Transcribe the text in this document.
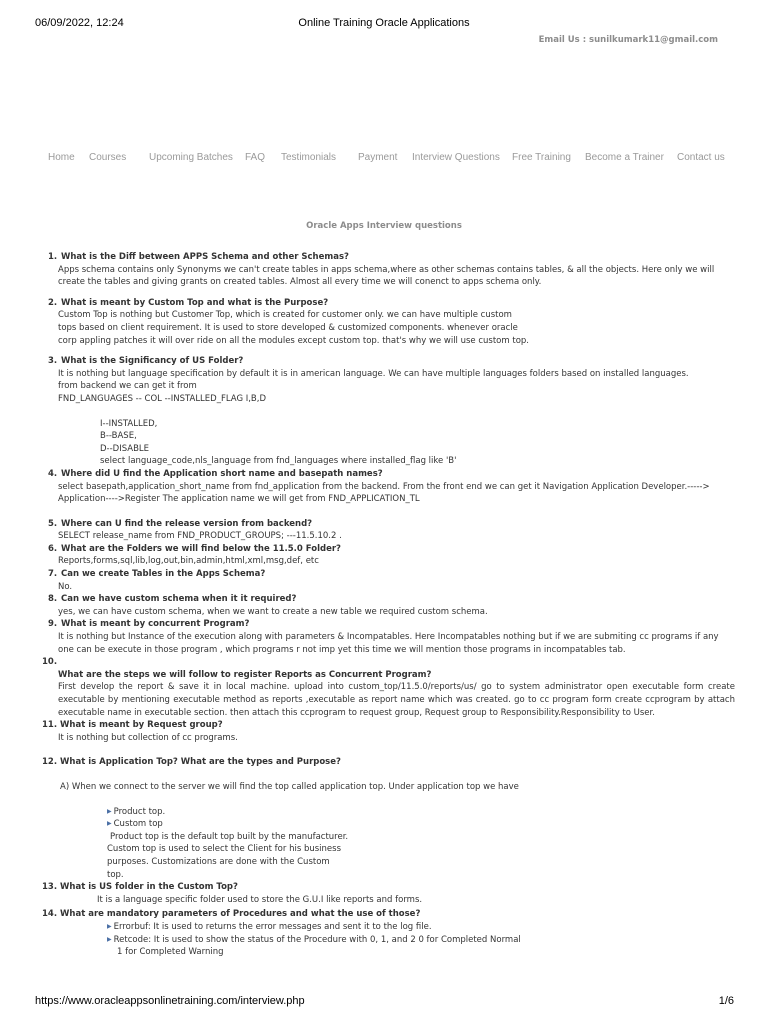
06/09/2022, 12:24	Online Training Oracle Applications
Email Us : sunilkumark11@gmail.com
Home Courses Upcoming Batches FAQ Testimonials Payment Interview Questions Free Training Become a Trainer Contact us
Oracle Apps Interview questions
1. What is the Diff between APPS Schema and other Schemas?
Apps schema contains only Synonyms we can't create tables in apps schema,where as other schemas contains tables, & all the objects. Here only we will create the tables and giving grants on created tables. Almost all every time we will conenct to apps schema only.
2. What is meant by Custom Top and what is the Purpose?
Custom Top is nothing but Customer Top, which is created for customer only. we can have multiple custom
tops based on client requirement. It is used to store developed & customized components. whenever oracle
corp appling patches it will over ride on all the modules except custom top. that's why we will use custom top.
3. What is the Significancy of US Folder?
It is nothing but language specification by default it is in american language. We can have multiple languages folders based on installed languages.
from backend we can get it from
FND_LANGUAGES -- COL --INSTALLED_FLAG I,B,D
I--INSTALLED,
B--BASE,
D--DISABLE
select language_code,nls_language from fnd_languages where installed_flag like 'B'
4. Where did U find the Application short name and basepath names?
select basepath,application_short_name from fnd_application from the backend. From the front end we can get it Navigation Application Developer.-----> Application---->Register The application name we will get from FND_APPLICATION_TL
5. Where can U find the release version from backend?
SELECT release_name from FND_PRODUCT_GROUPS; ---11.5.10.2 .
6. What are the Folders we will find below the 11.5.0 Folder?
Reports,forms,sql,lib,log,out,bin,admin,html,xml,msg,def, etc
7. Can we create Tables in the Apps Schema?
No.
8. Can we have custom schema when it it required?
yes, we can have custom schema, when we want to create a new table we required custom schema.
9. What is meant by concurrent Program?
It is nothing but Instance of the execution along with parameters & Incompatables. Here Incompatables nothing but if we are submiting cc programs if any one can be execute in those program , which programs r not imp yet this time we will mention those programs in incompatables tab.
10.
What are the steps we will follow to register Reports as Concurrent Program?
First develop the report & save it in local machine. upload into custom_top/11.5.0/reports/us/ go to system administrator open executable form create executable by mentioning executable method as reports ,executable as report name which was created. go to cc program form create ccprogram by attach executable name in executable section. then attach this ccprogram to request group, Request group to Responsibility.Responsibility to User.
11. What is meant by Request group?
It is nothing but collection of cc programs.
12. What is Application Top? What are the types and Purpose?
A) When we connect to the server we will find the top called application top. Under application top we have
▶ Product top.
▶ Custom top
Product top is the default top built by the manufacturer.
Custom top is used to select the Client for his business
purposes. Customizations are done with the Custom
top.
13. What is US folder in the Custom Top?
It is a language specific folder used to store the G.U.I like reports and forms.
14. What are mandatory parameters of Procedures and what the use of those?
▶ Errorbuf: It is used to returns the error messages and sent it to the log file.
▶ Retcode: It is used to show the status of the Procedure with 0, 1, and 2 0 for Completed Normal
1 for Completed Warning
https://www.oracleappsonlinetraining.com/interview.php	1/6
